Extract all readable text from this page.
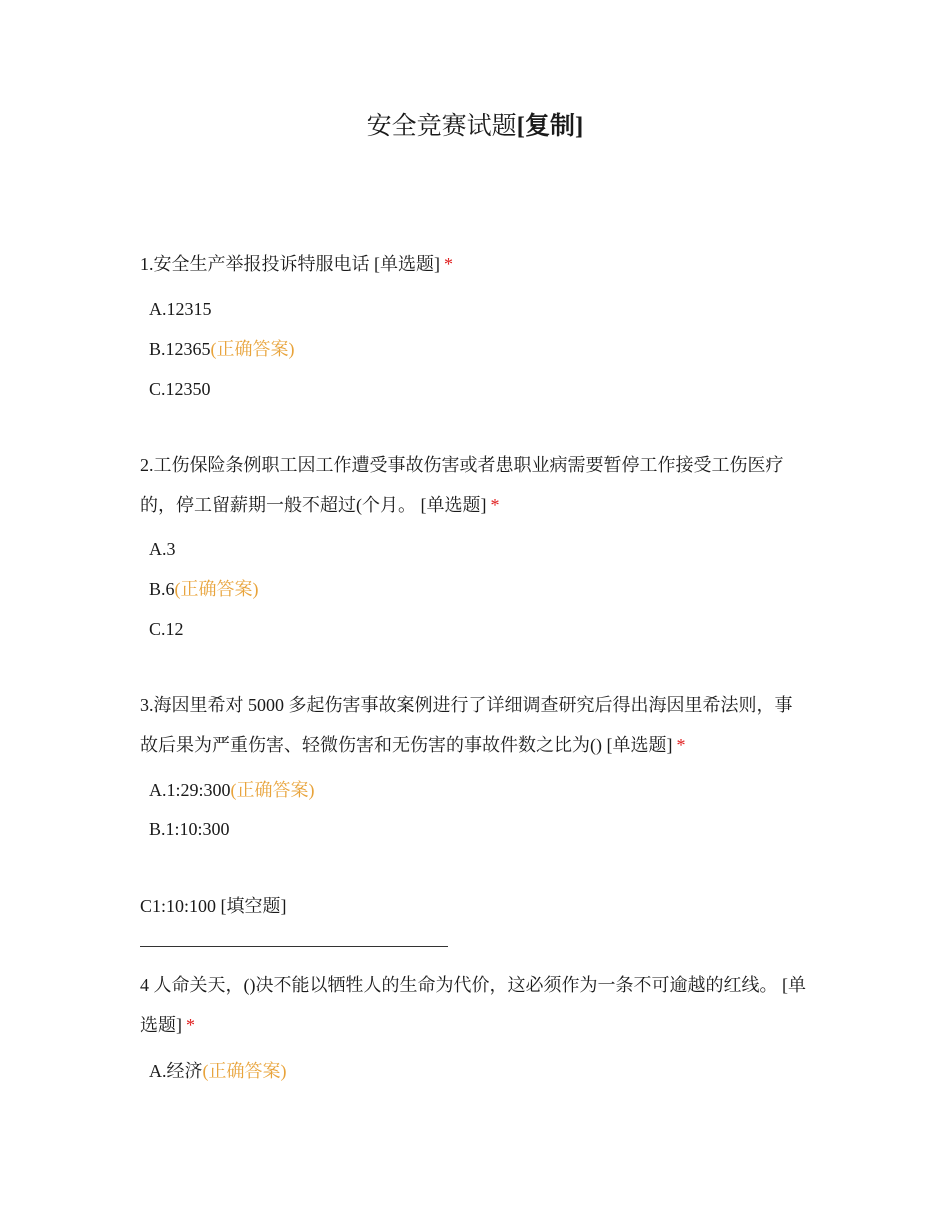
安全竞赛试题[复制]
1.安全生产举报投诉特服电话 [单选题] *
A.12315
B.12365(正确答案)
C.12350
2.工伤保险条例职工因工作遭受事故伤害或者患职业病需要暂停工作接受工伤医疗的，停工留薪期一般不超过(个月。 [单选题] *
A.3
B.6(正确答案)
C.12
3.海因里希对 5000 多起伤害事故案例进行了详细调查研究后得出海因里希法则，事故后果为严重伤害、轻微伤害和无伤害的事故件数之比为() [单选题] *
A.1:29:300(正确答案)
B.1:10:300
C1:10:100 [填空题]
4 人命关天，()决不能以牺牲人的生命为代价，这必须作为一条不可逾越的红线。 [单选题] *
A.经济(正确答案)
